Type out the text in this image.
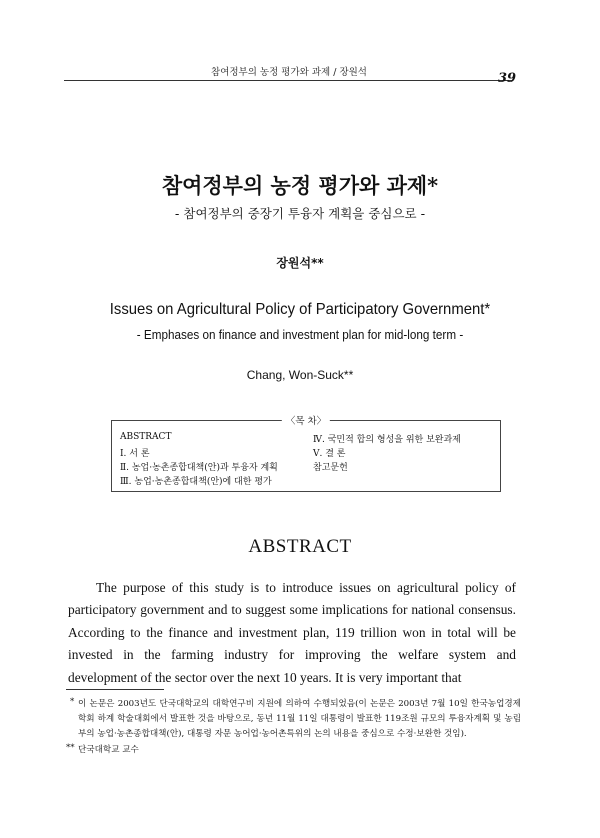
참여정부의 농정 평가와 과제 / 장원석	39
참여정부의 농정 평가와 과제*
- 참여정부의 중장기 투융자 계획을 중심으로 -
장원석**
Issues on Agricultural Policy of Participatory Government*
- Emphases on finance and investment plan for mid-long term -
Chang, Won-Suck**
〈목 차〉
ABSTRACT
Ⅰ. 서 론
Ⅱ. 농업·농촌종합대책(안)과 투융자 계획
Ⅲ. 농업·농촌종합대책(안)에 대한 평가
Ⅳ. 국민적 합의 형성을 위한 보완과제
Ⅴ. 결 론
참고문헌
ABSTRACT
The purpose of this study is to introduce issues on agricultural policy of participatory government and to suggest some implications for national consensus. According to the finance and investment plan, 119 trillion won in total will be invested in the farming industry for improving the welfare system and development of the sector over the next 10 years. It is very important that
* 이 논문은 2003년도 단국대학교의 대학연구비 지원에 의하여 수행되었음(이 논문은 2003년 7월 10일 한국농업경제학회 하계 학술대회에서 발표한 것을 바탕으로, 동년 11월 11일 대통령이 발표한 119조원 규모의 투융자계획 및 농림부의 농업·농촌종합대책(안), 대통령 자문 농어업·농어촌특위의 논의 내용을 중심으로 수정·보완한 것임).
** 단국대학교 교수
